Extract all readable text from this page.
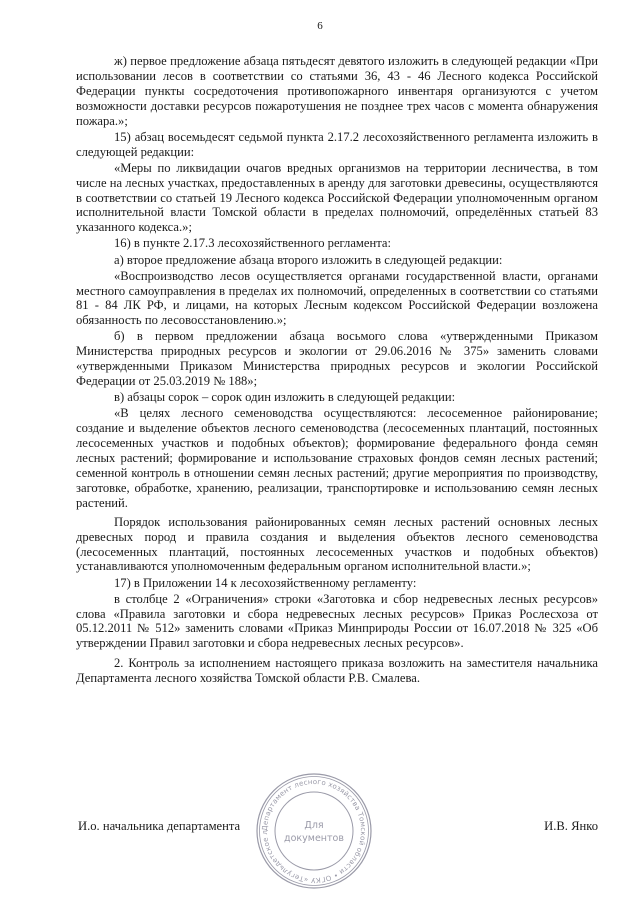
6

ж) первое предложение абзаца пятьдесят девятого изложить в следующей редакции «При использовании лесов в соответствии со статьями 36, 43 - 46 Лесного кодекса Российской Федерации пункты сосредоточения противопожарного инвентаря организуются с учетом возможности доставки ресурсов пожаротушения не позднее трех часов с момента обнаружения пожара.»;

15) абзац восемьдесят седьмой пункта 2.17.2 лесохозяйственного регламента изложить в следующей редакции:

«Меры по ликвидации очагов вредных организмов на территории лесничества, в том числе на лесных участках, предоставленных в аренду для заготовки древесины, осуществляются в соответствии со статьей 19 Лесного кодекса Российской Федерации уполномоченным органом исполнительной власти Томской области в пределах полномочий, определённых статьей 83 указанного кодекса.»;

16) в пункте 2.17.3 лесохозяйственного регламента:

а) второе предложение абзаца второго изложить в следующей редакции:

«Воспроизводство лесов осуществляется органами государственной власти, органами местного самоуправления в пределах их полномочий, определенных в соответствии со статьями 81 - 84 ЛК РФ, и лицами, на которых Лесным кодексом Российской Федерации возложена обязанность по лесовосстановлению.»;

б) в первом предложении абзаца восьмого слова «утвержденными Приказом Министерства природных ресурсов и экологии от 29.06.2016 № 375» заменить словами «утвержденными Приказом Министерства природных ресурсов и экологии Российской Федерации от 25.03.2019 № 188»;

в) абзацы сорок – сорок один изложить в следующей редакции:

«В целях лесного семеноводства осуществляются: лесосеменное районирование; создание и выделение объектов лесного семеноводства (лесосеменных плантаций, постоянных лесосеменных участков и подобных объектов); формирование федерального фонда семян лесных растений; формирование и использование страховых фондов семян лесных растений; семенной контроль в отношении семян лесных растений; другие мероприятия по производству, заготовке, обработке, хранению, реализации, транспортировке и использованию семян лесных растений.

Порядок использования районированных семян лесных растений основных лесных древесных пород и правила создания и выделения объектов лесного семеноводства (лесосеменных плантаций, постоянных лесосеменных участков и подобных объектов) устанавливаются уполномоченным федеральным органом исполнительной власти.»;

17) в Приложении 14 к лесохозяйственному регламенту:

в столбце 2 «Ограничения» строки «Заготовка и сбор недревесных лесных ресурсов» слова «Правила заготовки и сбора недревесных лесных ресурсов» Приказ Рослесхоза от 05.12.2011 № 512» заменить словами «Приказ Минприроды России от 16.07.2018 № 325 «Об утверждении Правил заготовки и сбора недревесных лесных ресурсов».

2. Контроль за исполнением настоящего приказа возложить на заместителя начальника Департамента лесного хозяйства Томской области Р.В. Смалева.

Департамент лесного хозяйства Томской области • ОГКУ «Тегульдетское л
Для
документов
И.о. начальника департамента	И.В. Янко
